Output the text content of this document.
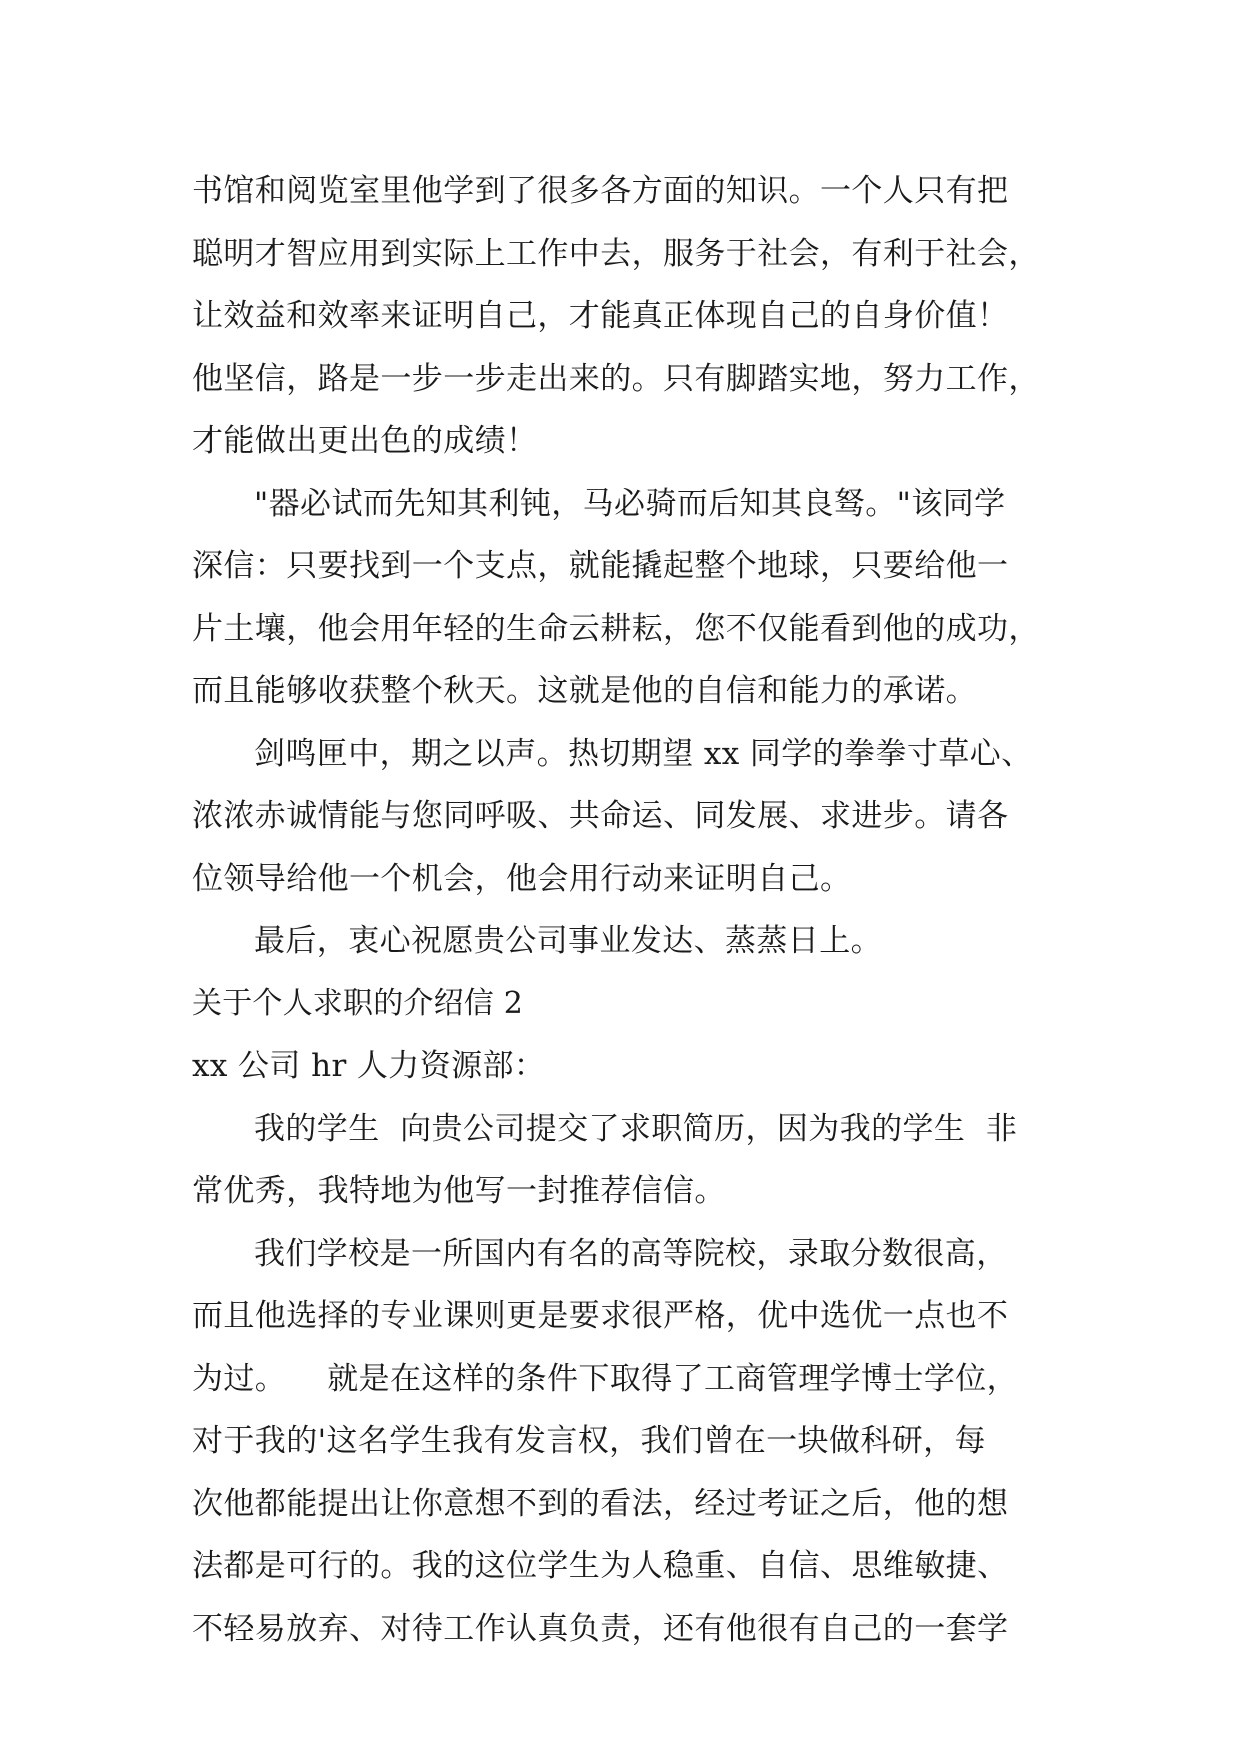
书馆和阅览室里他学到了很多各方面的知识。一个人只有把
聪明才智应用到实际上工作中去，服务于社会，有利于社会，
让效益和效率来证明自己，才能真正体现自己的自身价值！
他坚信，路是一步一步走出来的。只有脚踏实地，努力工作，
才能做出更出色的成绩！
"器必试而先知其利钝，马必骑而后知其良驽。"该同学
深信：只要找到一个支点，就能撬起整个地球，只要给他一
片土壤，他会用年轻的生命云耕耘，您不仅能看到他的成功，
而且能够收获整个秋天。这就是他的自信和能力的承诺。
剑鸣匣中，期之以声。热切期望 xx 同学的拳拳寸草心、
浓浓赤诚情能与您同呼吸、共命运、同发展、求进步。请各
位领导给他一个机会，他会用行动来证明自己。
最后，衷心祝愿贵公司事业发达、蒸蒸日上。
关于个人求职的介绍信 2
xx 公司 hr 人力资源部：
我的学生  向贵公司提交了求职简历，因为我的学生  非
常优秀，我特地为他写一封推荐信信。
我们学校是一所国内有名的高等院校，录取分数很高，
而且他选择的专业课则更是要求很严格，优中选优一点也不
为过。    就是在这样的条件下取得了工商管理学博士学位，
对于我的'这名学生我有发言权，我们曾在一块做科研，每
次他都能提出让你意想不到的看法，经过考证之后，他的想
法都是可行的。我的这位学生为人稳重、自信、思维敏捷、
不轻易放弃、对待工作认真负责，还有他很有自己的一套学
